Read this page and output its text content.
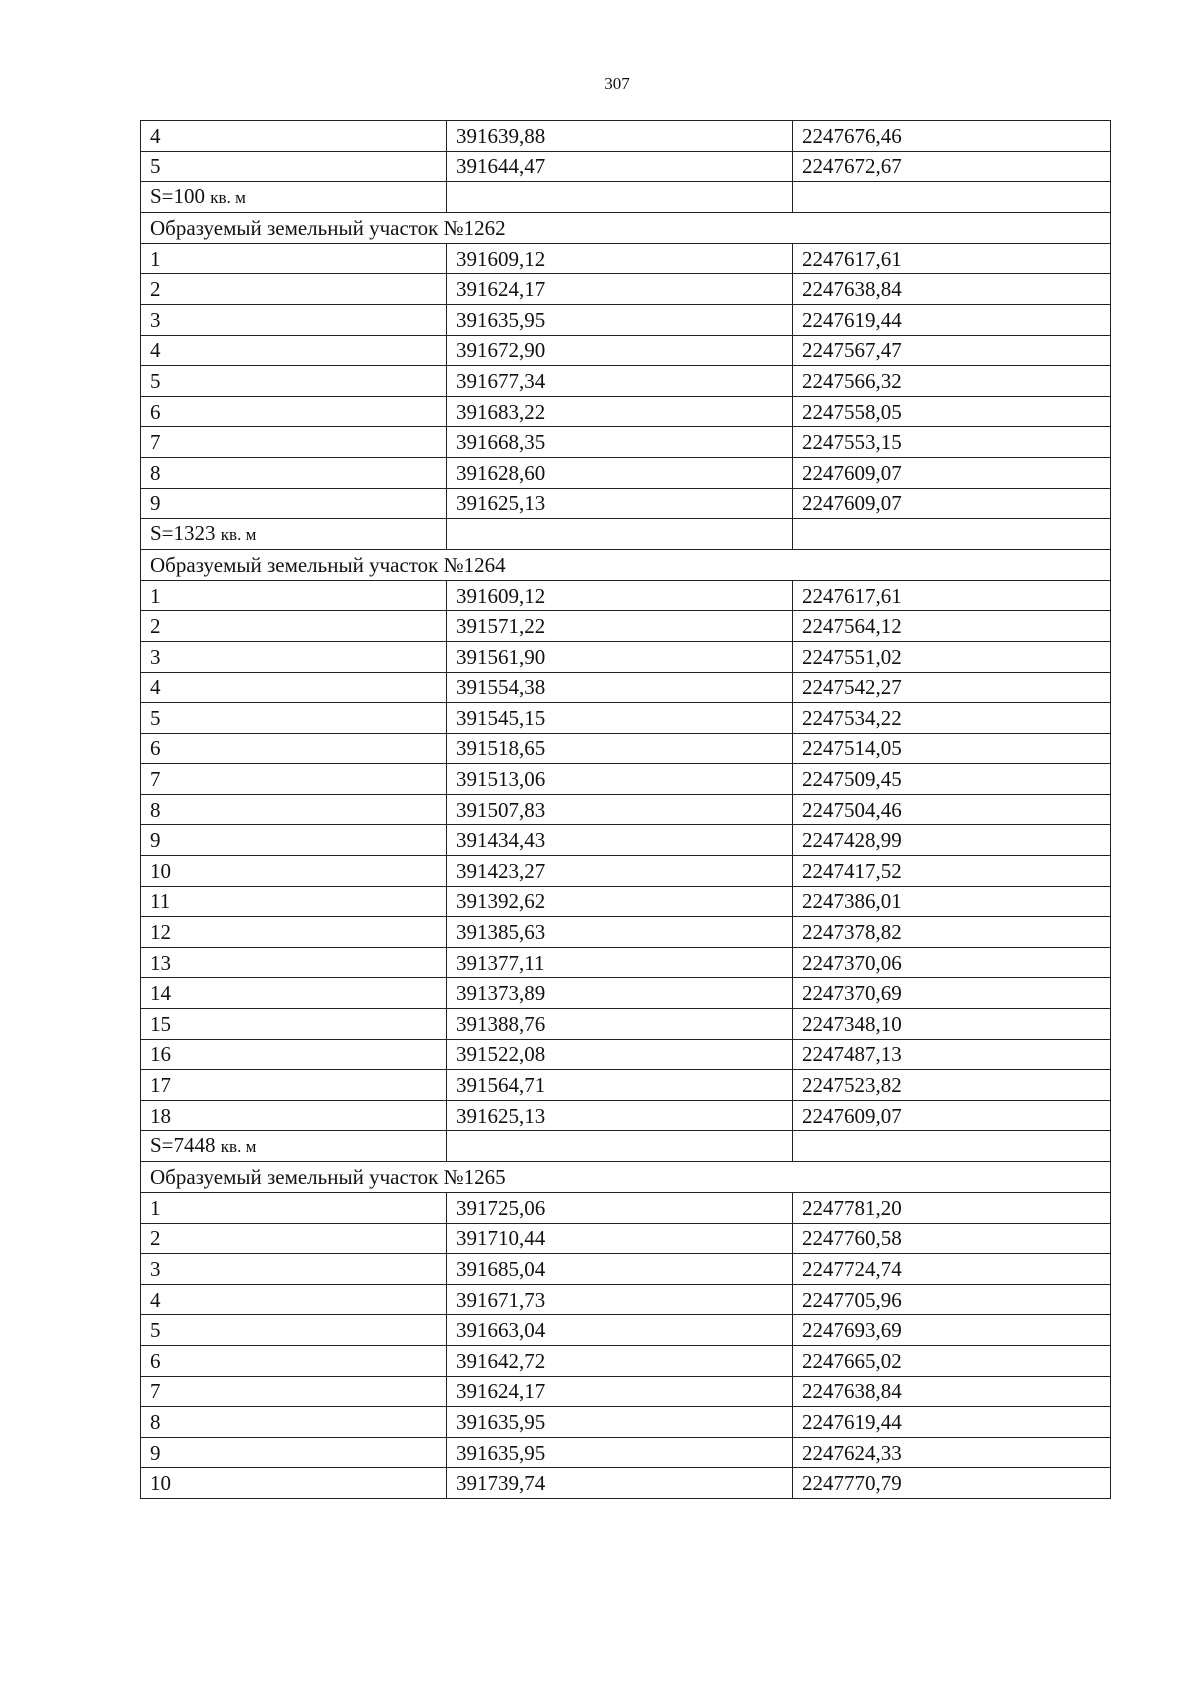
307
4	391639,88	2247676,46
5	391644,47	2247672,67
S=100 кв. м		
Образуемый земельный участок №1262		
1	391609,12	2247617,61
2	391624,17	2247638,84
3	391635,95	2247619,44
4	391672,90	2247567,47
5	391677,34	2247566,32
6	391683,22	2247558,05
7	391668,35	2247553,15
8	391628,60	2247609,07
9	391625,13	2247609,07
S=1323 кв. м		
Образуемый земельный участок №1264		
1	391609,12	2247617,61
2	391571,22	2247564,12
3	391561,90	2247551,02
4	391554,38	2247542,27
5	391545,15	2247534,22
6	391518,65	2247514,05
7	391513,06	2247509,45
8	391507,83	2247504,46
9	391434,43	2247428,99
10	391423,27	2247417,52
11	391392,62	2247386,01
12	391385,63	2247378,82
13	391377,11	2247370,06
14	391373,89	2247370,69
15	391388,76	2247348,10
16	391522,08	2247487,13
17	391564,71	2247523,82
18	391625,13	2247609,07
S=7448 кв. м		
Образуемый земельный участок №1265		
1	391725,06	2247781,20
2	391710,44	2247760,58
3	391685,04	2247724,74
4	391671,73	2247705,96
5	391663,04	2247693,69
6	391642,72	2247665,02
7	391624,17	2247638,84
8	391635,95	2247619,44
9	391635,95	2247624,33
10	391739,74	2247770,79
